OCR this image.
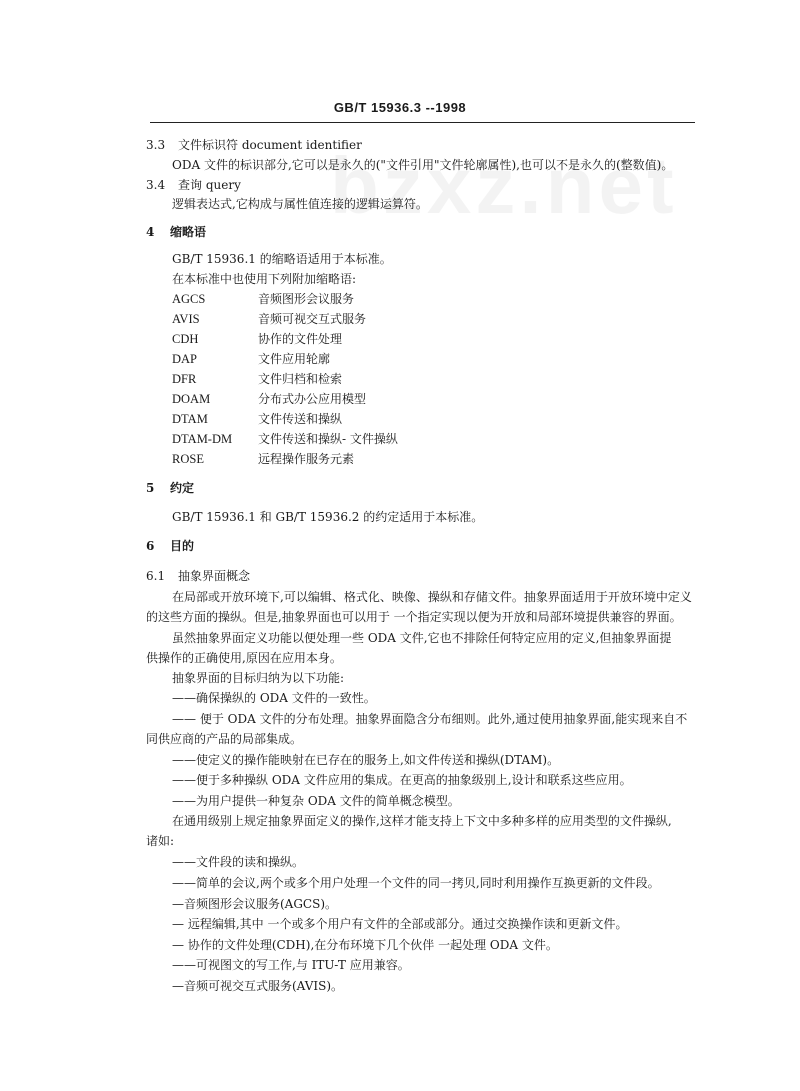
GB/T 15936.3 --1998
3.3 文件标识符 document identifier
ODA 文件的标识部分,它可以是永久的("文件引用"文件轮廓属性),也可以不是永久的(整数值)。
3.4 查询 query
逻辑表达式,它构成与属性值连接的逻辑运算符。
4 缩略语
GB/T 15936.1 的缩略语适用于本标准。
在本标准中也使用下列附加缩略语:
AGCS	音频图形会议服务
AVIS	音频可视交互式服务
CDH	协作的文件处理
DAP	文件应用轮廓
DFR	文件归档和检索
DOAM	分布式办公应用模型
DTAM	文件传送和操纵
DTAM-DM 文件传送和操纵- 文件操纵
ROSE	远程操作服务元素
5 约定
GB/T 15936.1 和 GB/T 15936.2 的约定适用于本标准。
6 目的
6.1 抽象界面概念
在局部或开放环境下,可以编辑、格式化、映像、操纵和存储文件。抽象界面适用于开放环境中定义
的这些方面的操纵。但是,抽象界面也可以用于 一个指定实现以便为开放和局部环境提供兼容的界面。
虽然抽象界面定义功能以便处理一些 ODA 文件,它也不排除任何特定应用的定义,但抽象界面提
供操作的正确使用,原因在应用本身。
抽象界面的目标归纳为以下功能:
——确保操纵的 ODA 文件的一致性。
—— 便于 ODA 文件的分布处理。抽象界面隐含分布细则。此外,通过使用抽象界面,能实现来自不
同供应商的产品的局部集成。
——使定义的操作能映射在已存在的服务上,如文件传送和操纵(DTAM)。
——便于多种操纵 ODA 文件应用的集成。在更高的抽象级别上,设计和联系这些应用。
——为用户提供一种复杂 ODA 文件的简单概念模型。
在通用级别上规定抽象界面定义的操作,这样才能支持上下文中多种多样的应用类型的文件操纵,
诸如:
——文件段的读和操纵。
——简单的会议,两个或多个用户处理一个文件的同一拷贝,同时利用操作互换更新的文件段。
—音频图形会议服务(AGCS)。
— 远程编辑,其中 一个或多个用户有文件的全部或部分。通过交换操作读和更新文件。
— 协作的文件处理(CDH),在分布环境下几个伙伴 一起处理 ODA 文件。
——可视图文的写工作,与 ITU-T 应用兼容。
—音频可视交互式服务(AVIS)。
